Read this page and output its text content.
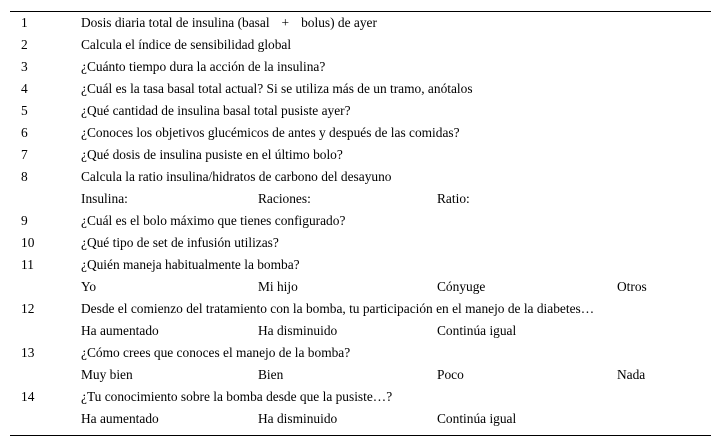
1	Dosis diaria total de insulina (basal + bolus) de ayer
2	Calcula el índice de sensibilidad global
3	¿Cuánto tiempo dura la acción de la insulina?
4	¿Cuál es la tasa basal total actual? Si se utiliza más de un tramo, anótalos
5	¿Qué cantidad de insulina basal total pusiste ayer?
6	¿Conoces los objetivos glucémicos de antes y después de las comidas?
7	¿Qué dosis de insulina pusiste en el último bolo?
8	Calcula la ratio insulina/hidratos de carbono del desayuno
Insulina:	Raciones:	Ratio:
9	¿Cuál es el bolo máximo que tienes configurado?
10	¿Qué tipo de set de infusión utilizas?
11	¿Quién maneja habitualmente la bomba?
Yo	Mi hijo	Cónyuge	Otros
12	Desde el comienzo del tratamiento con la bomba, tu participación en el manejo de la diabetes…
Ha aumentado	Ha disminuido	Continúa igual
13	¿Cómo crees que conoces el manejo de la bomba?
Muy bien	Bien	Poco	Nada
14	¿Tu conocimiento sobre la bomba desde que la pusiste…?
Ha aumentado	Ha disminuido	Continúa igual
